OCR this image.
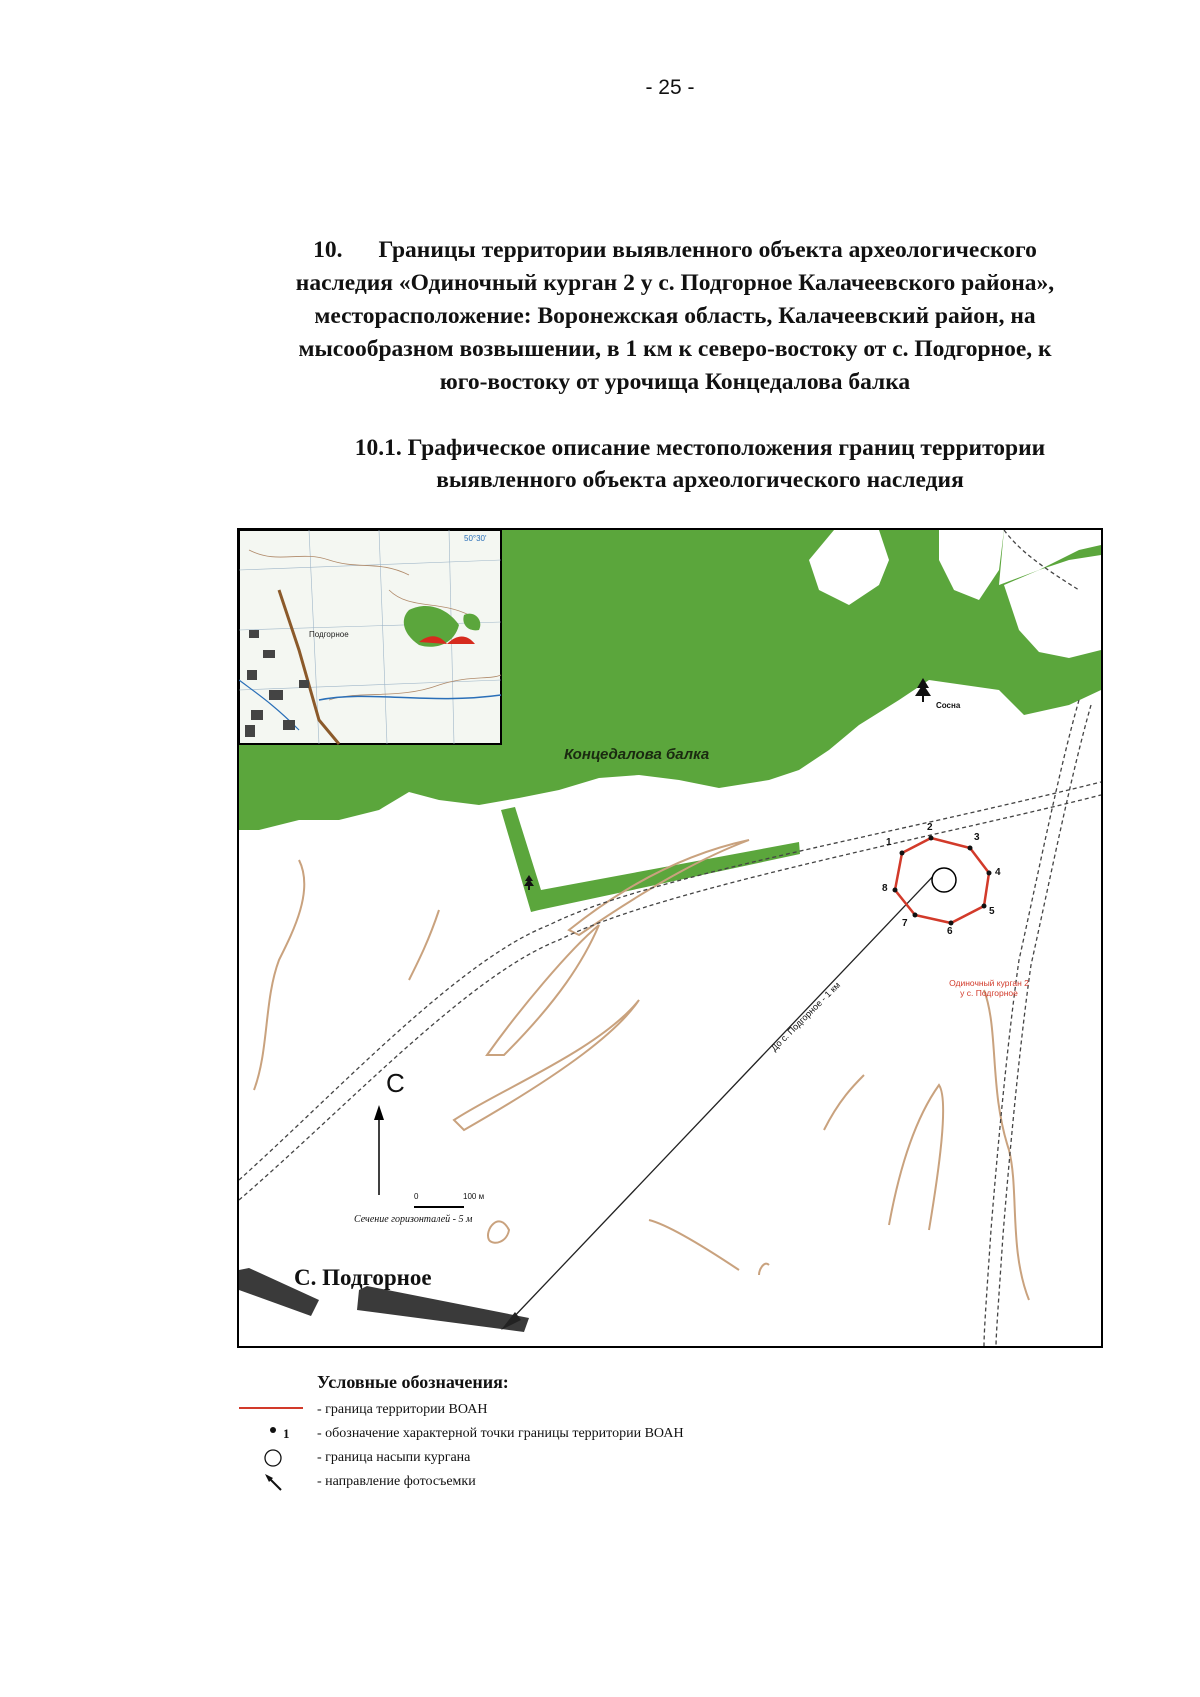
- 25 -
10. Границы территории выявленного объекта археологического
наследия «Одиночный курган 2 у с. Подгорное Калачеевского района»,
месторасположение: Воронежская область, Калачеевский район, на
мысообразном возвышении, в 1 км к северо-востоку от с. Подгорное, к
юго-востоку от урочища Концедалова балка
10.1. Графическое описание местоположения границ территории
выявленного объекта археологического наследия
Подгорное
50°30'
Концедалова балка
Сосна
С
0	100 м
Сечение горизонталей - 5 м
С. Подгорное
Одиночный курган 2
у с. Подгорное
До с. Подгорное - 1 км
1
2
3
4
5
6
7
8
Условные обозначения:
- граница территории ВОАН
1 - обозначение характерной точки границы территории ВОАН
- граница насыпи кургана
- направление фотосъемки
